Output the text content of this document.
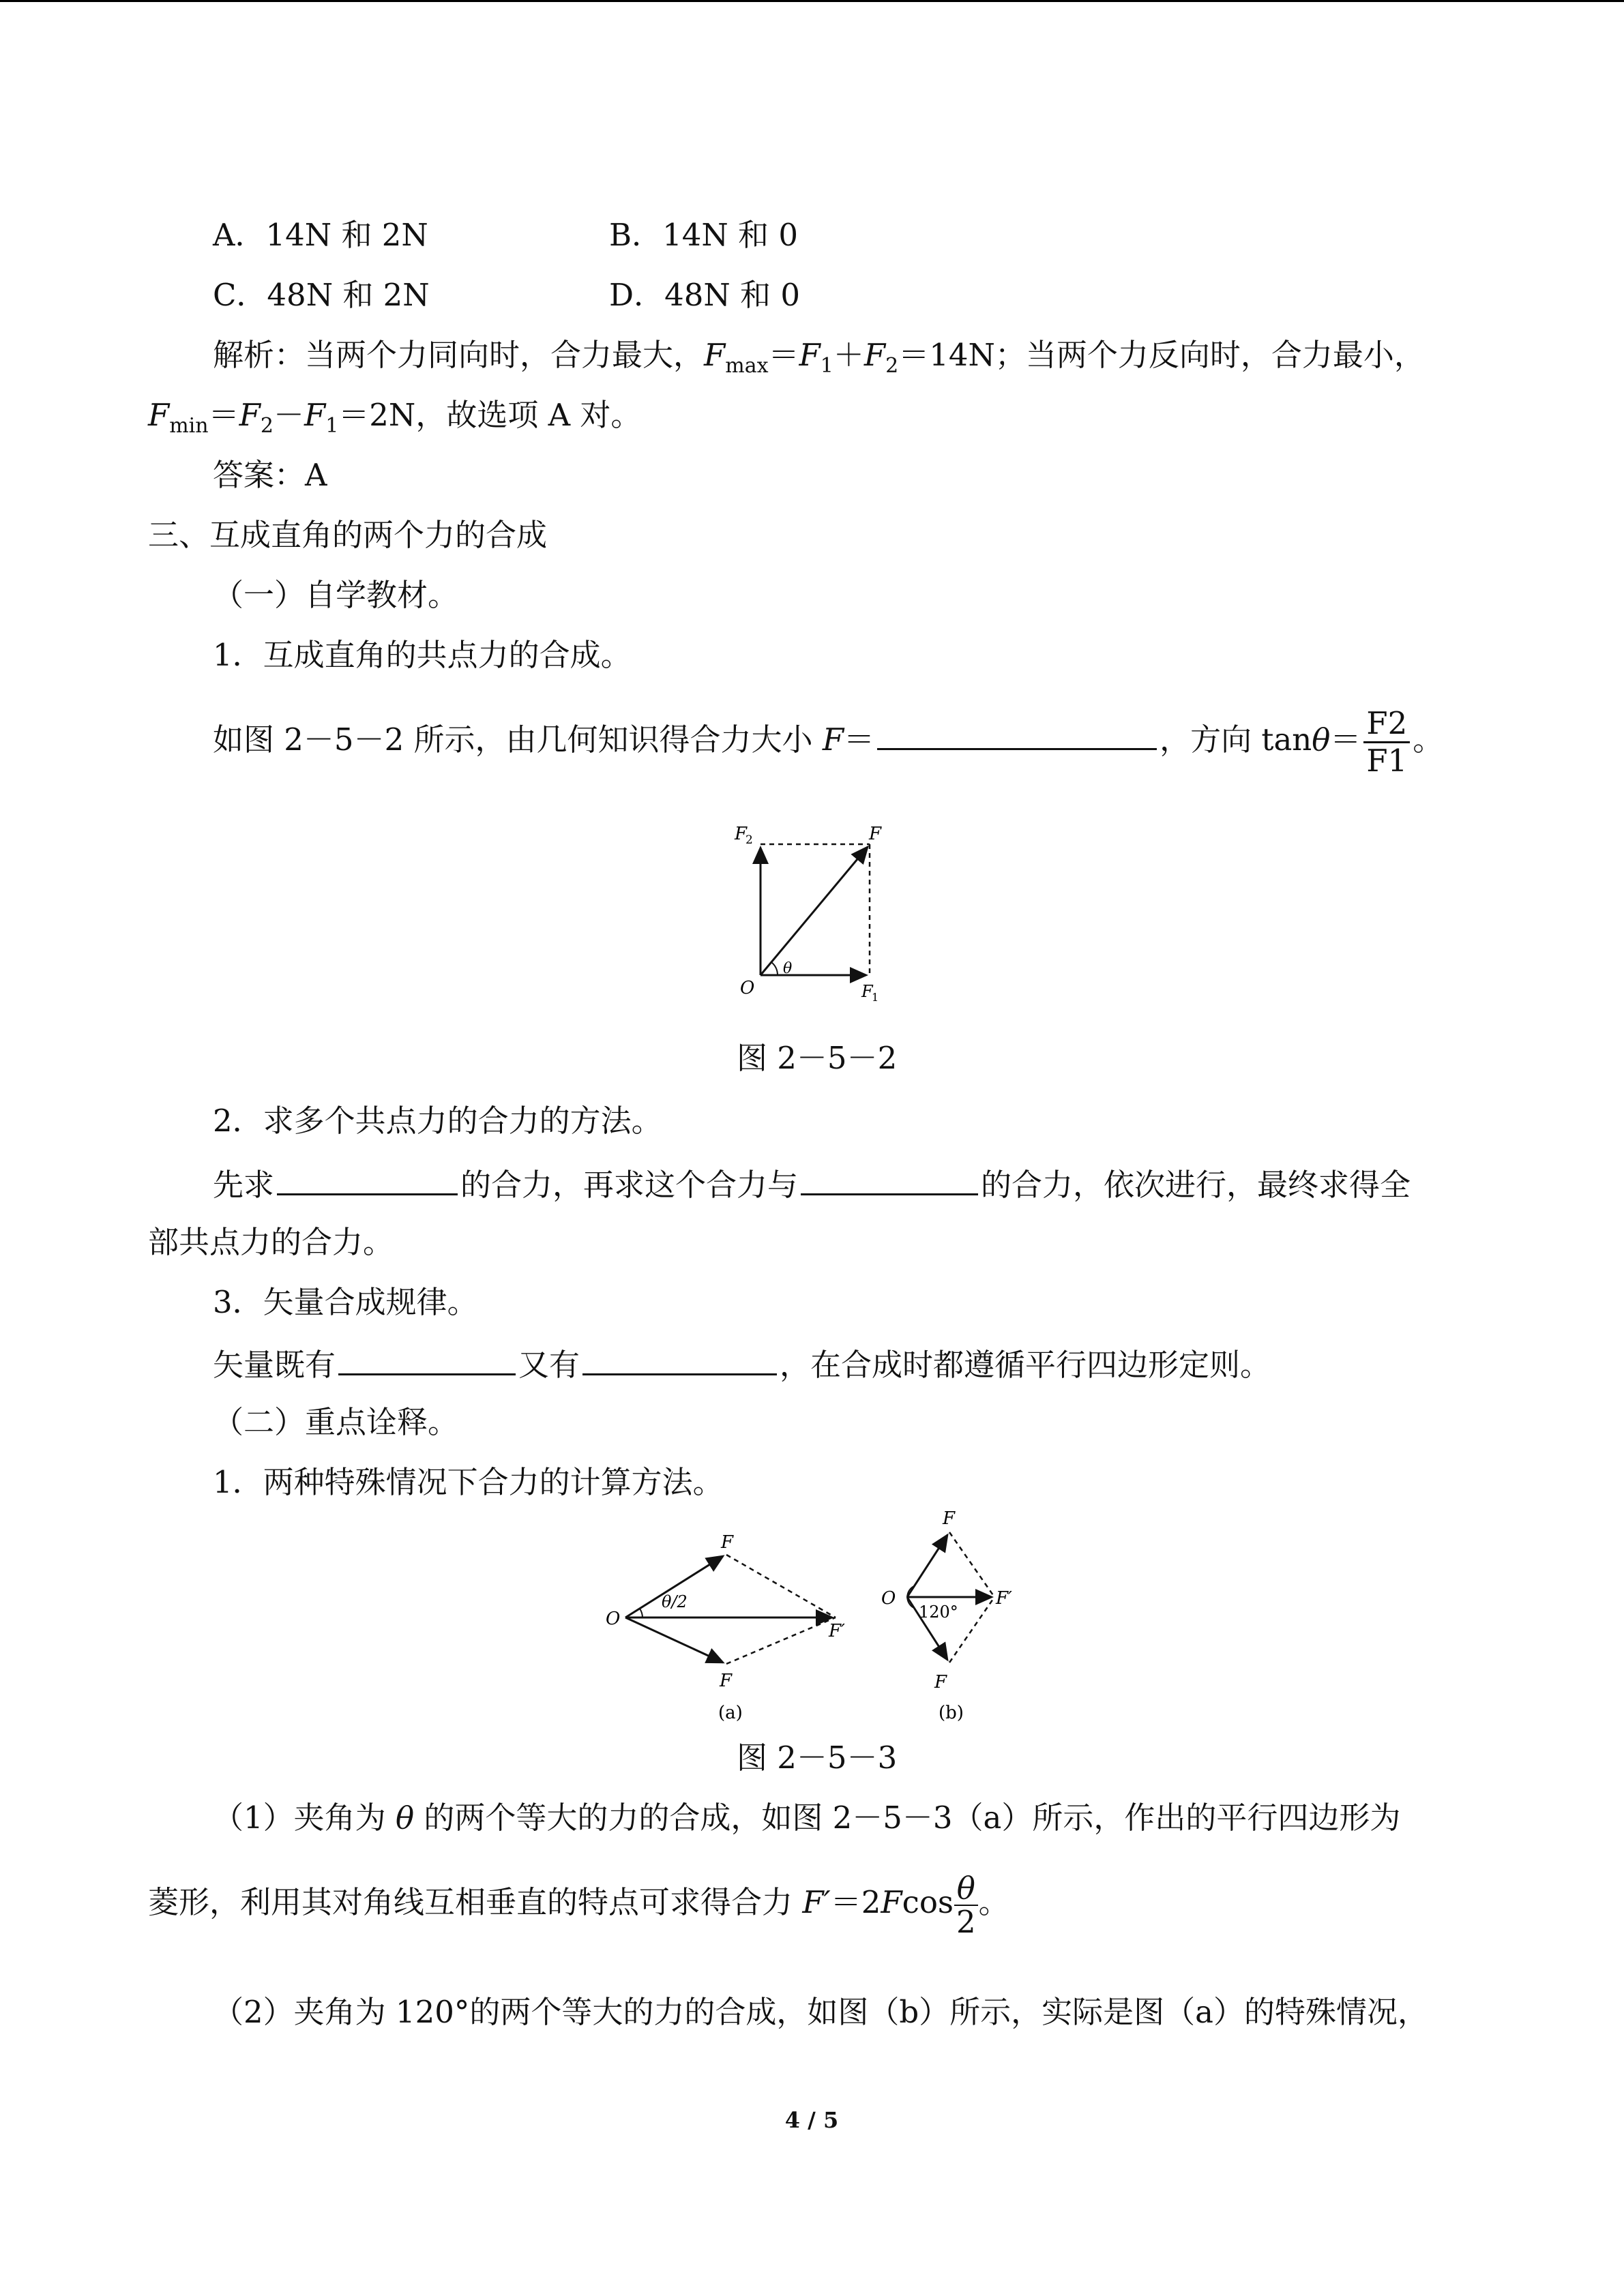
A．14N 和 2N	B．14N 和 0
C．48N 和 2N	D．48N 和 0
解析：当两个力同向时，合力最大，$F_{max}=F_1+F_2=14N$；当两个力反向时，合力最小，
$F_{min}=F_2-F_1=2N$，故选项 A 对。
答案：A
三、互成直角的两个力的合成
（一）自学教材。
1．互成直角的共点力的合成。
如图 2－5－2 所示，由几何知识得合力大小 F＝	，方向 $\tan\theta= \frac{F2}{F1}$ 。
F
2	F
O
θ
F
1
图 2－5－2
2．求多个共点力的合力的方法。
先求	的合力，再求这个合力与	的合力，依次进行，最终求得全
部共点力的合力。
3．矢量合成规律。
矢量既有	又有	，在合成时都遵循平行四边形定则。
（二）重点诠释。
1．两种特殊情况下合力的计算方法。
F
O
θ/2
F′
F
(a)
F
O
120°
F′
F
(b)
图 2－5－3
（1）夹角为 θ 的两个等大的力的合成，如图 2－5－3（a）所示，作出的平行四边形为
菱形，利用其对角线互相垂直的特点可求得合力 $F'=2Fcos \frac{\theta}{2}$ 。
（2）夹角为 120°的两个等大的力的合成，如图（b）所示，实际是图（a）的特殊情况，
4 / 5
